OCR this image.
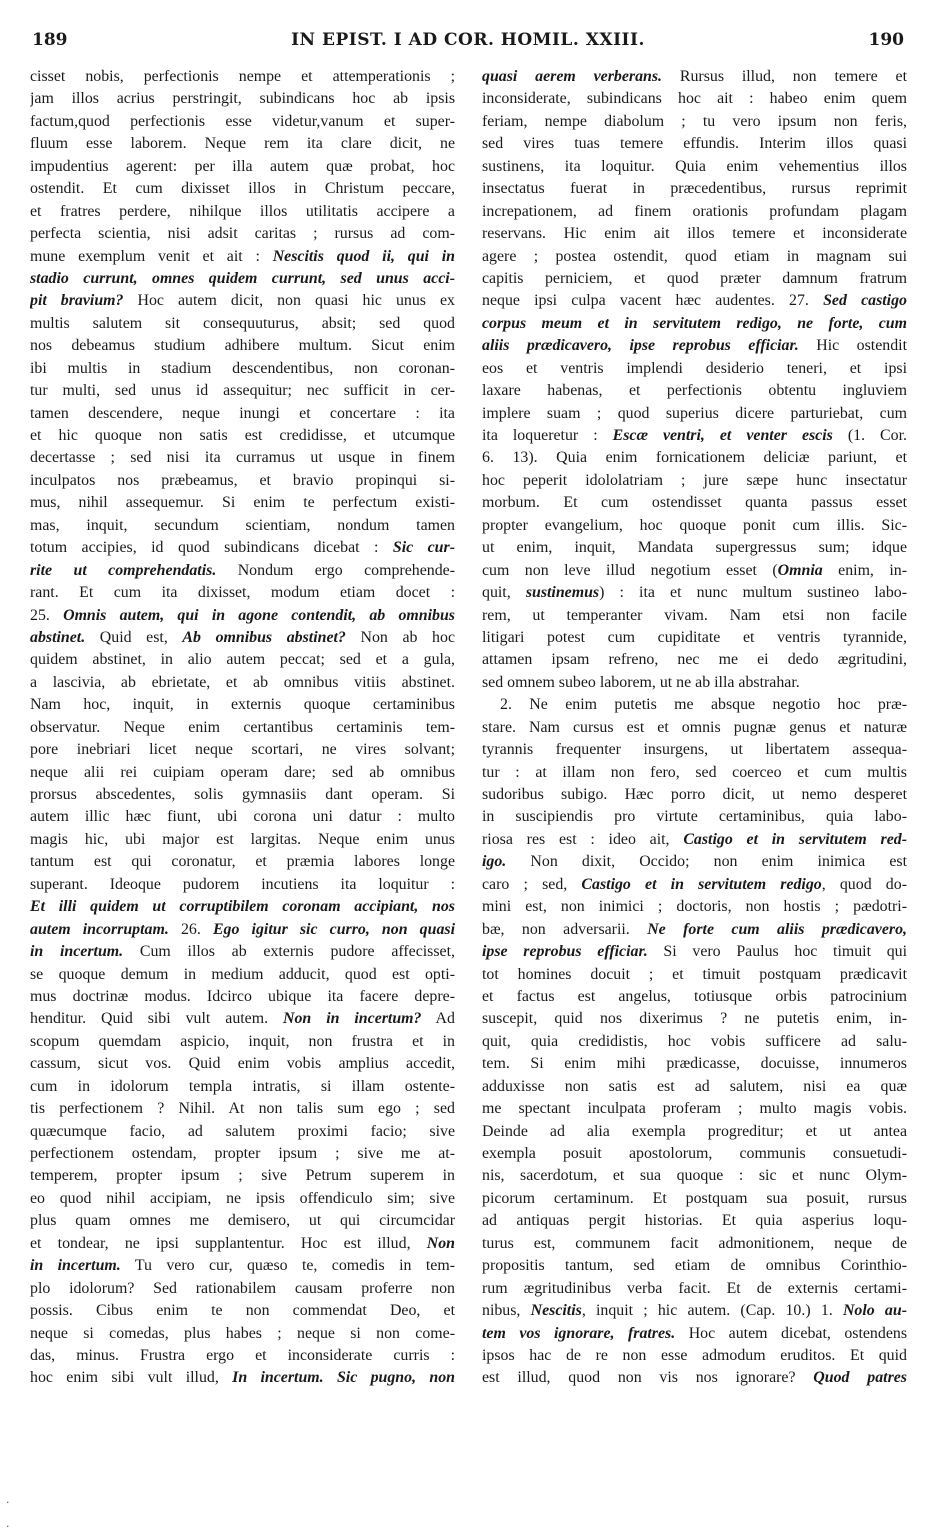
189	IN EPIST. I AD COR. HOMIL. XXIII.	190
cisset nobis, perfectionis nempe et attemperationis ;
jam illos acrius perstringit, subindicans hoc ab ipsis
factum,quod perfectionis esse videtur,vanum et super-
fluum esse laborem. Neque rem ita clare dicit, ne
impudentius agerent: per illa autem quæ probat, hoc
ostendit. Et cum dixisset illos in Christum peccare,
et fratres perdere, nihilque illos utilitatis accipere a
perfecta scientia, nisi adsit caritas ; rursus ad com-
mune exemplum venit et ait : Nescitis quod ii, qui in
stadio currunt, omnes quidem currunt, sed unus acci-
pit bravium? Hoc autem dicit, non quasi hic unus ex
multis salutem sit consequuturus, absit; sed quod
nos debeamus studium adhibere multum. Sicut enim
ibi multis in stadium descendentibus, non coronan-
tur multi, sed unus id assequitur; nec sufficit in cer-
tamen descendere, neque inungi et concertare : ita
et hic quoque non satis est credidisse, et utcumque
decertasse ; sed nisi ita curramus ut usque in finem
inculpatos nos præbeamus, et bravio propinqui si-
mus, nihil assequemur. Si enim te perfectum existi-
mas, inquit, secundum scientiam, nondum tamen
totum accipies, id quod subindicans dicebat : Sic cur-
rite ut comprehendatis. Nondum ergo comprehende-
rant. Et cum ita dixisset, modum etiam docet :
25. Omnis autem, qui in agone contendit, ab omnibus
abstinet. Quid est, Ab omnibus abstinet? Non ab hoc
quidem abstinet, in alio autem peccat; sed et a gula,
a lascivia, ab ebrietate, et ab omnibus vitiis abstinet.
Nam hoc, inquit, in externis quoque certaminibus
observatur. Neque enim certantibus certaminis tem-
pore inebriari licet neque scortari, ne vires solvant;
neque alii rei cuipiam operam dare; sed ab omnibus
prorsus abscedentes, solis gymnasiis dant operam. Si
autem illic hæc fiunt, ubi corona uni datur : multo
magis hic, ubi major est largitas. Neque enim unus
tantum est qui coronatur, et præmia labores longe
superant. Ideoque pudorem incutiens ita loquitur :
Et illi quidem ut corruptibilem coronam accipiant, nos
autem incorruptam. 26. Ego igitur sic curro, non quasi
in incertum. Cum illos ab externis pudore affecisset,
se quoque demum in medium adducit, quod est opti-
mus doctrinæ modus. Idcirco ubique ita facere depre-
henditur. Quid sibi vult autem. Non in incertum? Ad
scopum quemdam aspicio, inquit, non frustra et in
cassum, sicut vos. Quid enim vobis amplius accedit,
cum in idolorum templa intratis, si illam ostente-
tis perfectionem ? Nihil. At non talis sum ego ; sed
quæcumque facio, ad salutem proximi facio; sive
perfectionem ostendam, propter ipsum ; sive me at-
temperem, propter ipsum ; sive Petrum superem in
eo quod nihil accipiam, ne ipsis offendiculo sim; sive
plus quam omnes me demisero, ut qui circumcidar
et tondear, ne ipsi supplantentur. Hoc est illud, Non
in incertum. Tu vero cur, quæso te, comedis in tem-
plo idolorum? Sed rationabilem causam proferre non
possis. Cibus enim te non commendat Deo, et
neque si comedas, plus habes ; neque si non come-
das, minus. Frustra ergo et inconsiderate curris :
hoc enim sibi vult illud, In incertum. Sic pugno, non
quasi aerem verberans. Rursus illud, non temere et
inconsiderate, subindicans hoc ait : habeo enim quem
feriam, nempe diabolum ; tu vero ipsum non feris,
sed vires tuas temere effundis. Interim illos quasi
sustinens, ita loquitur. Quia enim vehementius illos
insectatus fuerat in præcedentibus, rursus reprimit
increpationem, ad finem orationis profundam plagam
reservans. Hic enim ait illos temere et inconsiderate
agere ; postea ostendit, quod etiam in magnam sui
capitis perniciem, et quod præter damnum fratrum
neque ipsi culpa vacent hæc audentes. 27. Sed castigo
corpus meum et in servitutem redigo, ne forte, cum
aliis prædicavero, ipse reprobus efficiar. Hic ostendit
eos et ventris implendi desiderio teneri, et ipsi
laxare habenas, et perfectionis obtentu ingluviem
implere suam ; quod superius dicere parturiebat, cum
ita loqueretur : Escæ ventri, et venter escis (1. Cor.
6. 13). Quia enim fornicationem deliciæ pariunt, et
hoc peperit idololatriam ; jure sæpe hunc insectatur
morbum. Et cum ostendisset quanta passus esset
propter evangelium, hoc quoque ponit cum illis. Sic-
ut enim, inquit, Mandata supergressus sum; idque
cum non leve illud negotium esset (Omnia enim, in-
quit, sustinemus) : ita et nunc multum sustineo labo-
rem, ut temperanter vivam. Nam etsi non facile
litigari potest cum cupiditate et ventris tyrannide,
attamen ipsam refreno, nec me ei dedo ægritudini,
sed omnem subeo laborem, ut ne ab illa abstrahar.
2. Ne enim putetis me absque negotio hoc præ-
stare. Nam cursus est et omnis pugnæ genus et naturæ
tyrannis frequenter insurgens, ut libertatem assequa-
tur : at illam non fero, sed coerceo et cum multis
sudoribus subigo. Hæc porro dicit, ut nemo desperet
in suscipiendis pro virtute certaminibus, quia labo-
riosa res est : ideo ait, Castigo et in servitutem red-
igo. Non dixit, Occido; non enim inimica est
caro ; sed, Castigo et in servitutem redigo, quod do-
mini est, non inimici ; doctoris, non hostis ; pædotri-
bæ, non adversarii. Ne forte cum aliis prædicavero,
ipse reprobus efficiar. Si vero Paulus hoc timuit qui
tot homines docuit ; et timuit postquam prædicavit
et factus est angelus, totiusque orbis patrocinium
suscepit, quid nos dixerimus ? ne putetis enim, in-
quit, quia credidistis, hoc vobis sufficere ad salu-
tem. Si enim mihi prædicasse, docuisse, innumeros
adduxisse non satis est ad salutem, nisi ea quæ
me spectant inculpata proferam ; multo magis vobis.
Deinde ad alia exempla progreditur; et ut antea
exempla posuit apostolorum, communis consuetudi-
nis, sacerdotum, et sua quoque : sic et nunc Olym-
picorum certaminum. Et postquam sua posuit, rursus
ad antiquas pergit historias. Et quia asperius loqu-
turus est, communem facit admonitionem, neque de
propositis tantum, sed etiam de omnibus Corinthio-
rum ægritudinibus verba facit. Et de externis certami-
nibus, Nescitis, inquit ; hic autem. (Cap. 10.) 1. Nolo au-
tem vos ignorare, fratres. Hoc autem dicebat, ostendens
ipsos hac de re non esse admodum eruditos. Et quid
est illud, quod non vis nos ignorare? Quod patres
·
·
